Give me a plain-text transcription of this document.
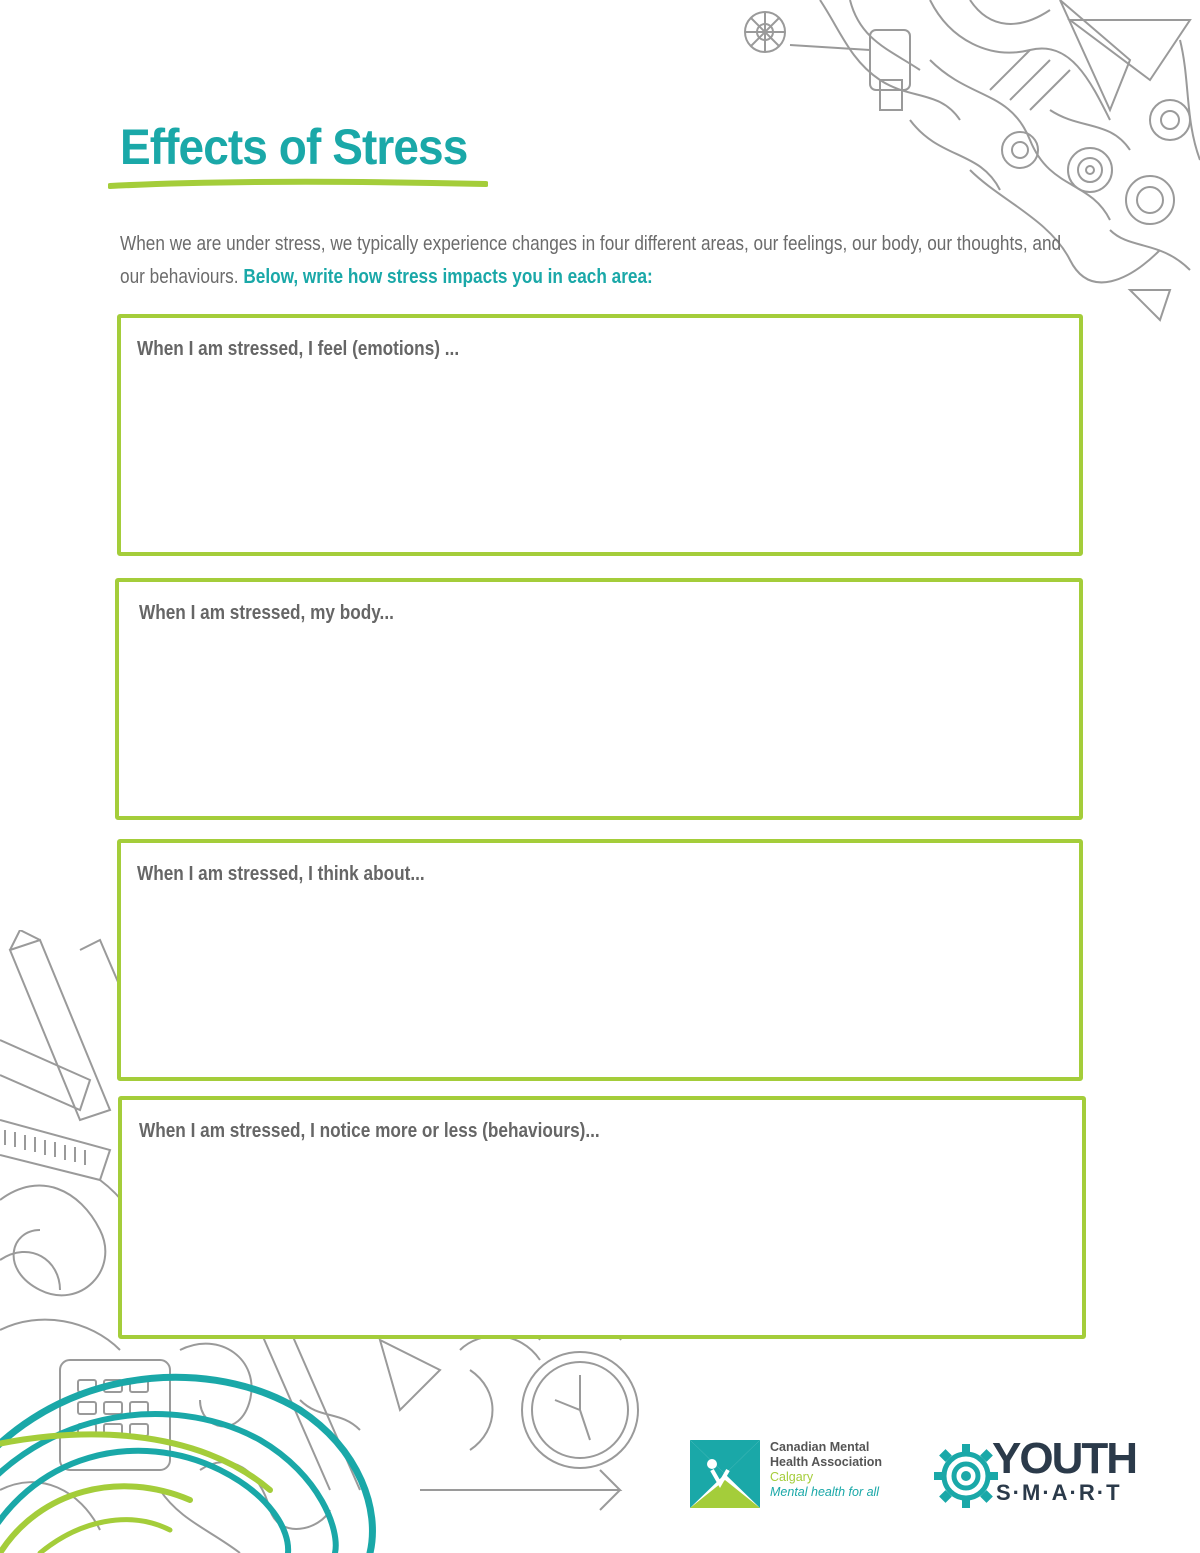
Effects of Stress

When we are under stress, we typically experience changes in four different areas, our feelings, our body, our thoughts, and our behaviours. Below, write how stress impacts you in each area:

When I am stressed, I feel (emotions) ...

When I am stressed, my body...

When I am stressed, I think about...

When I am stressed, I notice more or less (behaviours)...

Canadian Mental
Health Association
Calgary
Mental health for all
YOUTH
S·M·A·R·T
